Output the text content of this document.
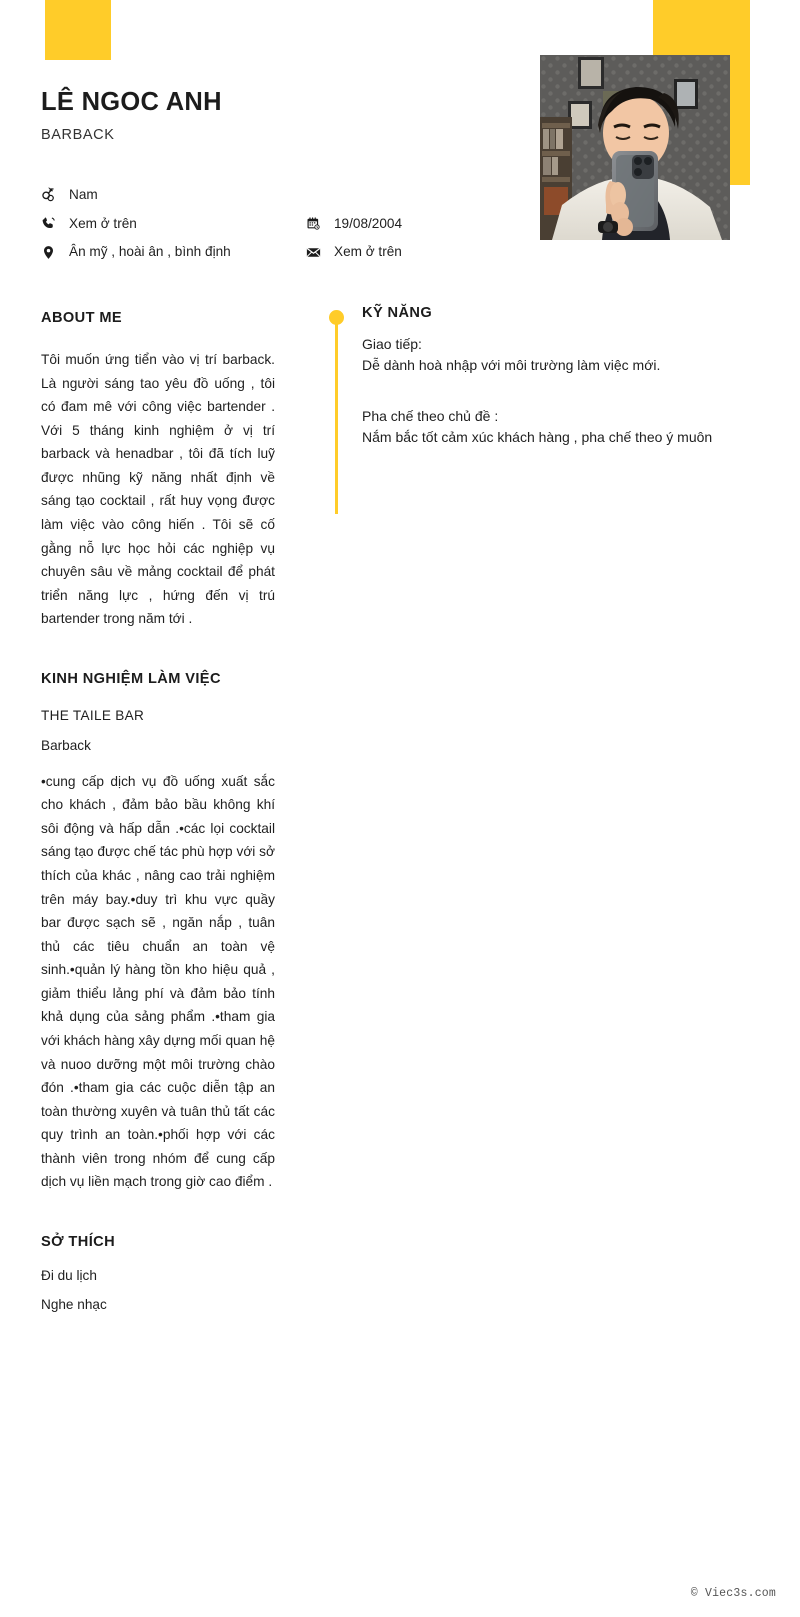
LÊ NGOC ANH
BARBACK
Nam
Xem ở trên	19/08/2004
Ân mỹ , hoài ân , bình định	Xem ở trên
ABOUT ME
Tôi muốn ứng tiển vào vị trí barback. Là người sáng tao yêu đồ uống , tôi có đam mê với công việc bartender . Với 5 tháng kinh nghiệm ở vị trí barback và henadbar , tôi đã tích luỹ được nhũng kỹ năng nhất định về sáng tạo cocktail , rất huy vọng được làm việc vào công hiến . Tôi sẽ cố gằng nỗ lực học hỏi các nghiệp vụ chuyên sâu về mảng cocktail để phát triển năng lực , hứng đến vị trú bartender trong năm tới .
KINH NGHIỆM LÀM VIỆC
THE TAILE BAR
Barback
•cung cấp dịch vụ đồ uống xuất sắc cho khách , đảm bảo bầu không khí sôi động và hấp dẫn .•các lọi cocktail sáng tạo được chế tác phù hợp với sở thích của khác , nâng cao trải nghiệm trên máy bay.•duy trì khu vực quầy bar được sạch sẽ , ngăn nắp , tuân thủ các tiêu chuẩn an toàn vệ sinh.•quản lý hàng tồn kho hiệu quả , giảm thiểu lảng phí và đảm bảo tính khả dụng của sảng phẩm .•tham gia với khách hàng xây dựng mối quan hệ và nuoo dưỡng một môi trường chào đón .•tham gia các cuộc diễn tập an toàn thường xuyên và tuân thủ tất các quy trình an toàn.•phối hợp với các thành viên trong nhóm để cung cấp dịch vụ liền mạch trong giờ cao điểm .
SỞ THÍCH
Đi du lịch
Nghe nhạc
KỸ NĂNG
Giao tiếp:
Dễ dành hoà nhập với môi trường làm việc mới.
Pha chế theo chủ đề :
Nắm bắc tốt cảm xúc khách hàng , pha chế theo ý muôn
© Viec3s.com
